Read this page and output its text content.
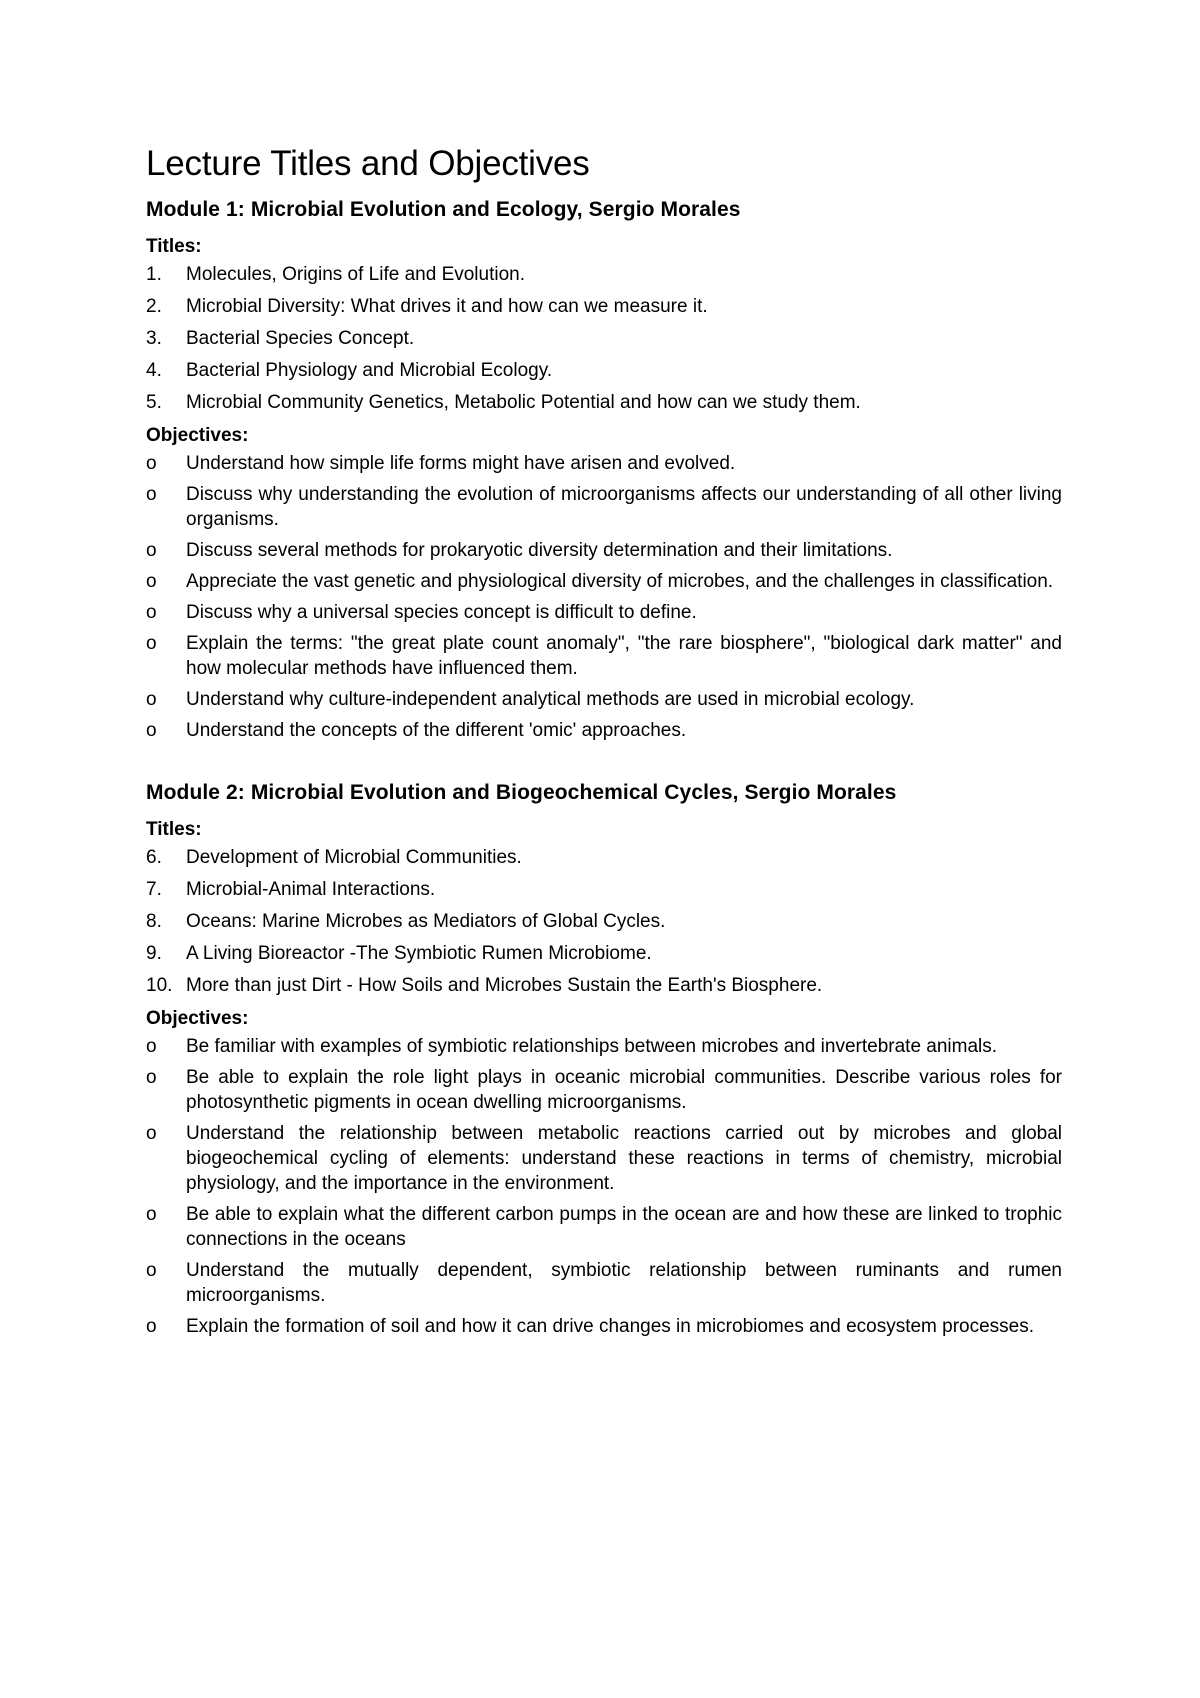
Lecture Titles and Objectives
Module 1: Microbial Evolution and Ecology, Sergio Morales
Titles:
1.	Molecules, Origins of Life and Evolution.
2.	Microbial Diversity: What drives it and how can we measure it.
3.	Bacterial Species Concept.
4.	Bacterial Physiology and Microbial Ecology.
5.	Microbial Community Genetics, Metabolic Potential and how can we study them.
Objectives:
o	Understand how simple life forms might have arisen and evolved.
o	Discuss why understanding the evolution of microorganisms affects our understanding of all other living organisms.
o	Discuss several methods for prokaryotic diversity determination and their limitations.
o	Appreciate the vast genetic and physiological diversity of microbes, and the challenges in classification.
o	Discuss why a universal species concept is difficult to define.
o	Explain the terms: "the great plate count anomaly", "the rare biosphere", "biological dark matter" and how molecular methods have influenced them.
o	Understand why culture-independent analytical methods are used in microbial ecology.
o	Understand the concepts of the different 'omic' approaches.
Module 2: Microbial Evolution and Biogeochemical Cycles, Sergio Morales
Titles:
6.	Development of Microbial Communities.
7.	Microbial-Animal Interactions.
8.	Oceans: Marine Microbes as Mediators of Global Cycles.
9.	A Living Bioreactor -The Symbiotic Rumen Microbiome.
10. More than just Dirt - How Soils and Microbes Sustain the Earth's Biosphere.
Objectives:
o	Be familiar with examples of symbiotic relationships between microbes and invertebrate animals.
o	Be able to explain the role light plays in oceanic microbial communities. Describe various roles for photosynthetic pigments in ocean dwelling microorganisms.
o	Understand the relationship between metabolic reactions carried out by microbes and global biogeochemical cycling of elements: understand these reactions in terms of chemistry, microbial physiology, and the importance in the environment.
o	Be able to explain what the different carbon pumps in the ocean are and how these are linked to trophic connections in the oceans
o	Understand the mutually dependent, symbiotic relationship between ruminants and rumen microorganisms.
o	Explain the formation of soil and how it can drive changes in microbiomes and ecosystem processes.
